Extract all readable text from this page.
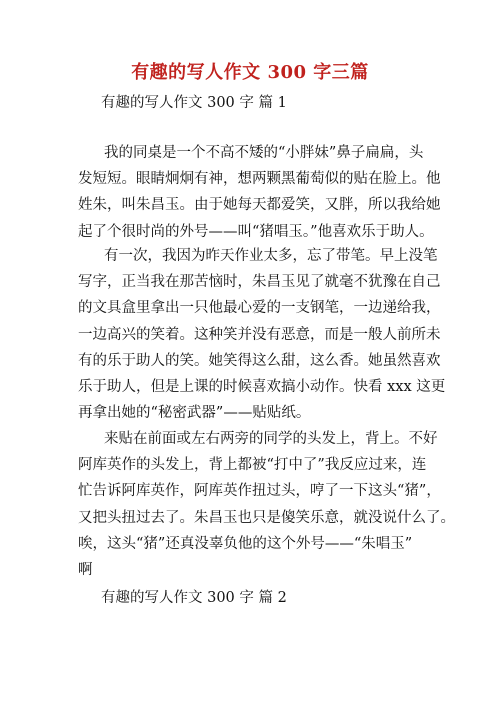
有趣的写人作文 300 字三篇
有趣的写人作文 300 字 篇 1
我的同桌是一个不高不矮的“小胖妹”鼻子扁扁，头
发短短。眼睛炯炯有神，想两颗黑葡萄似的贴在脸上。他
姓朱，叫朱昌玉。由于她每天都爱笑，又胖，所以我给她
起了个很时尚的外号——叫“猪唱玉。”他喜欢乐于助人。
有一次，我因为昨天作业太多，忘了带笔。早上没笔
写字，正当我在那苦恼时，朱昌玉见了就毫不犹豫在自己
的文具盒里拿出一只他最心爱的一支钢笔，一边递给我，
一边高兴的笑着。这种笑并没有恶意，而是一般人前所未
有的乐于助人的笑。她笑得这么甜，这么香。她虽然喜欢
乐于助人，但是上课的时候喜欢搞小动作。快看 xxx 这更
再拿出她的“秘密武器”——贴贴纸。
来贴在前面或左右两旁的同学的头发上，背上。不好
阿库英作的头发上，背上都被“打中了”我反应过来，连
忙告诉阿库英作，阿库英作扭过头，哼了一下这头“猪”，
又把头扭过去了。朱昌玉也只是傻笑乐意，就没说什么了。
唉，这头“猪”还真没辜负他的这个外号——“朱唱玉”
啊
有趣的写人作文 300 字 篇 2
